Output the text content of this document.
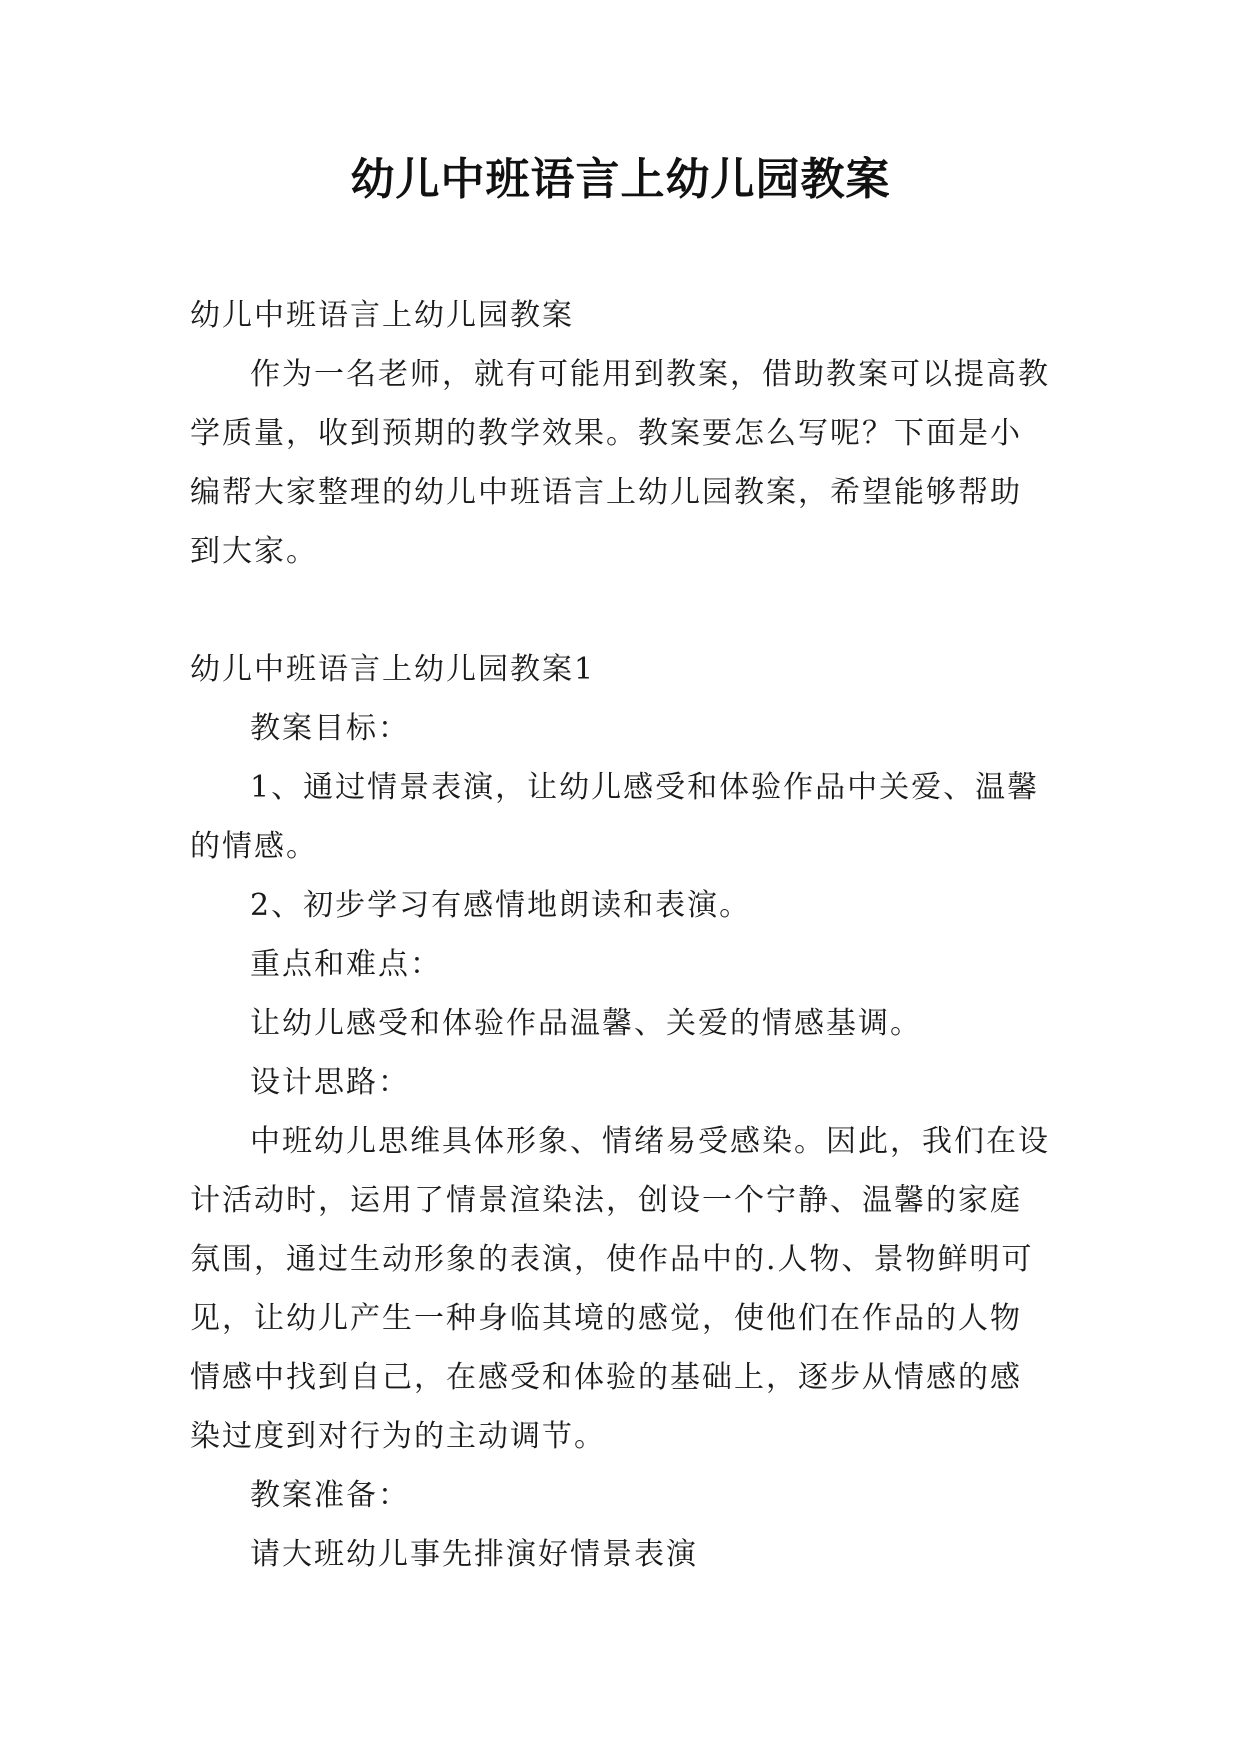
幼儿中班语言上幼儿园教案

幼儿中班语言上幼儿园教案

作为一名老师，就有可能用到教案，借助教案可以提高教学质量，收到预期的教学效果。教案要怎么写呢？下面是小编帮大家整理的幼儿中班语言上幼儿园教案，希望能够帮助到大家。

幼儿中班语言上幼儿园教案1

教案目标：

1、通过情景表演，让幼儿感受和体验作品中关爱、温馨的情感。

2、初步学习有感情地朗读和表演。

重点和难点：

让幼儿感受和体验作品温馨、关爱的情感基调。

设计思路：

中班幼儿思维具体形象、情绪易受感染。因此，我们在设计活动时，运用了情景渲染法，创设一个宁静、温馨的家庭氛围，通过生动形象的表演，使作品中的.人物、景物鲜明可见，让幼儿产生一种身临其境的感觉，使他们在作品的人物情感中找到自己，在感受和体验的基础上，逐步从情感的感染过度到对行为的主动调节。

教案准备：

请大班幼儿事先排演好情景表演
